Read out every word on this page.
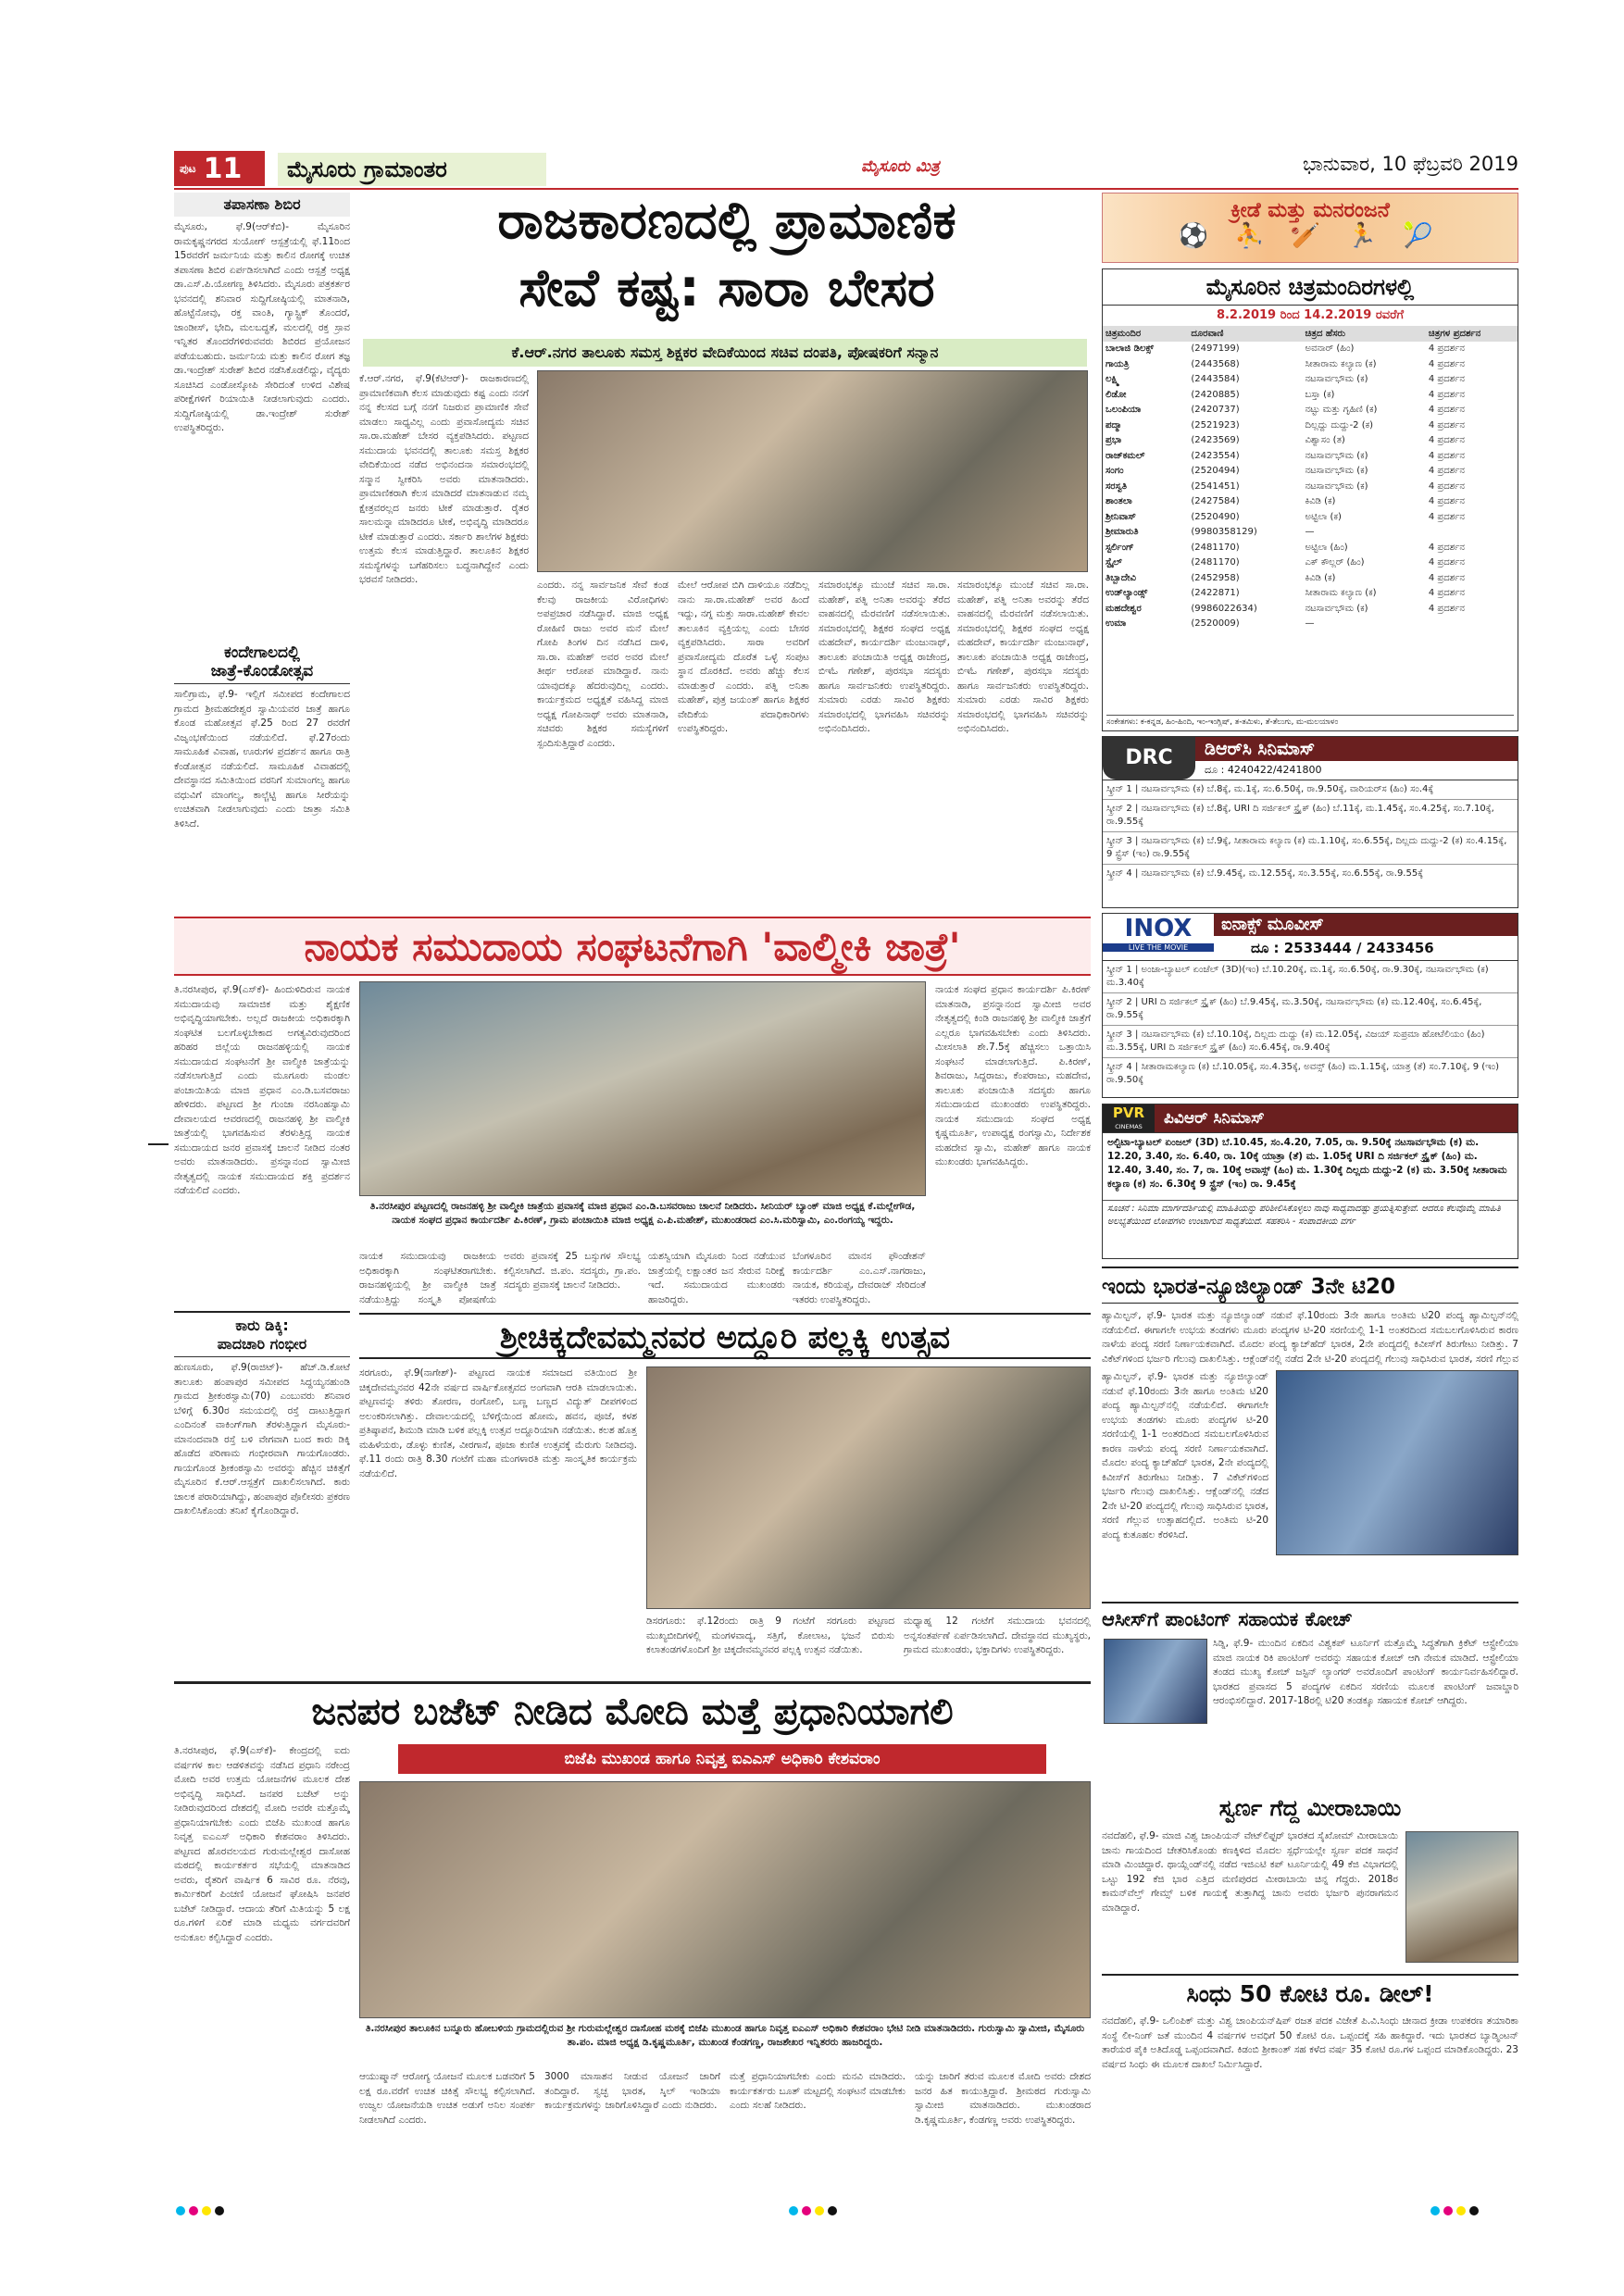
ಪುಟ 11	ಮೈಸೂರು ಗ್ರಾಮಾಂತರ	ಮೈಸೂರು ಮಿತ್ರ	ಭಾನುವಾರ, 10 ಫೆಬ್ರವರಿ 2019
ತಪಾಸಣಾ ಶಿಬಿರ
ಮೈಸೂರು, ಫೆ.9(ಆರ್‌ಕೆಬಿ)- ಮೈಸೂರಿನ ರಾಮಕೃಷ್ಣನಗರದ ಸುಯೋಗ್ ಆಸ್ಪತ್ರೆಯಲ್ಲಿ ಫೆ.11ರಿಂದ 15ರವರೆಗೆ ಜರ್ಮನಿಯ ಮತ್ತು ಕಾಲಿನ ರೋಗಕ್ಕೆ ಉಚಿತ ತಪಾಸಣಾ ಶಿಬಿರ ಏರ್ಪಡಿಸಲಾಗಿದೆ ಎಂದು ಆಸ್ಪತ್ರೆ ಅಧ್ಯಕ್ಷ ಡಾ.ಎಸ್.ಪಿ.ಯೋಗಣ್ಣ ತಿಳಿಸಿದರು. ಮೈಸೂರು ಪತ್ರಕರ್ತರ ಭವನದಲ್ಲಿ ಶನಿವಾರ ಸುದ್ದಿಗೋಷ್ಠಿಯಲ್ಲಿ ಮಾತನಾಡಿ, ಹೊಟ್ಟೆನೋವು, ರಕ್ತ ವಾಂತಿ, ಗ್ಯಾಸ್ಟ್ರಿಕ್ ತೊಂದರೆ, ಜಾಂಡೀಸ್, ಭೇದಿ, ಮಲಬದ್ಧತೆ, ಮಲದಲ್ಲಿ ರಕ್ತ ಸ್ರಾವ ಇನ್ನಿತರ ತೊಂದರೆಗಳಿರುವವರು ಶಿಬಿರದ ಪ್ರಯೋಜನ ಪಡೆಯಬಹುದು. ಜರ್ಮನಿಯ ಮತ್ತು ಕಾಲಿನ ರೋಗ ತಜ್ಞ ಡಾ.ಇಂದ್ರೇಶ್ ಸುರೇಶ್ ಶಿಬಿರ ನಡೆಸಿಕೊಡಲಿದ್ದು, ವೈದ್ಯರು ಸೂಚಿಸಿದ ಎಂಡೋಸ್ಕೋಪಿ ಸೇರಿದಂತೆ ಉಳಿದ ವಿಶೇಷ ಪರೀಕ್ಷೆಗಳಿಗೆ ರಿಯಾಯಿತಿ ನೀಡಲಾಗುವುದು ಎಂದರು. ಸುದ್ದಿಗೋಷ್ಠಿಯಲ್ಲಿ ಡಾ.ಇಂದ್ರೇಶ್ ಸುರೇಶ್ ಉಪಸ್ಥಿತರಿದ್ದರು.
ಕಂದೇಗಾಲದಲ್ಲಿ
ಜಾತ್ರೆ-ಕೊಂಡೋತ್ಸವ
ಸಾಲಿಗ್ರಾಮ, ಫೆ.9- ಇಲ್ಲಿಗೆ ಸಮೀಪದ ಕಂದೇಗಾಲದ ಗ್ರಾಮದ ಶ್ರೀಮಹದೇಶ್ವರ ಸ್ವಾಮಿಯವರ ಜಾತ್ರೆ ಹಾಗೂ ಕೊಂಡ ಮಹೋತ್ಸವ ಫೆ.25 ರಿಂದ 27 ರವರೆಗೆ ವಿಜೃಂಭಣೆಯಿಂದ ನಡೆಯಲಿದೆ. ಫೆ.27ರಂದು ಸಾಮೂಹಿಕ ವಿವಾಹ, ಊರುಗಳ ಪ್ರದರ್ಶನ ಹಾಗೂ ರಾತ್ರಿ ಕೆಂಡೋತ್ಸವ ನಡೆಯಲಿದೆ. ಸಾಮೂಹಿಕ ವಿವಾಹದಲ್ಲಿ ದೇವಸ್ಥಾನದ ಸಮಿತಿಯಿಂದ ವರನಿಗೆ ಸುಮಾಂಗಲ್ಯ ಹಾಗೂ ವಧುವಿಗೆ ಮಾಂಗಲ್ಯ, ಕಾಲ್ಚೆಟ್ಟಿ ಹಾಗೂ ಸೀರೆಯನ್ನು ಉಚಿತವಾಗಿ ನೀಡಲಾಗುವುದು ಎಂದು ಜಾತ್ರಾ ಸಮಿತಿ ತಿಳಿಸಿದೆ.
ರಾಜಕಾರಣದಲ್ಲಿ ಪ್ರಾಮಾಣಿಕ
ಸೇವೆ ಕಷ್ಟ: ಸಾರಾ ಬೇಸರ
ಕೆ.ಆರ್.ನಗರ ತಾಲೂಕು ಸಮಸ್ತ ಶಿಕ್ಷಕರ ವೇದಿಕೆಯಿಂದ ಸಚಿವ ದಂಪತಿ, ಪೋಷಕರಿಗೆ ಸನ್ಮಾನ
ಕೆ.ಆರ್.ನಗರ, ಫೆ.9(ಕೆಟಿಆರ್)- ರಾಜಕಾರಣದಲ್ಲಿ ಪ್ರಾಮಾಣಿಕವಾಗಿ ಕೆಲಸ ಮಾಡುವುದು ಕಷ್ಟ ಎಂದು ನನಗೆ ನನ್ನ ಕೆಲಸದ ಬಗ್ಗೆ ನನಗೆ ನಿಜರುವ ಪ್ರಾಮಾಣಿಕ ಸೇವೆ ಮಾಡಲು ಸಾಧ್ಯವಿಲ್ಲ ಎಂದು ಪ್ರವಾಸೋದ್ಯಮ ಸಚಿವ ಸಾ.ರಾ.ಮಹೇಶ್ ಬೇಸರ ವ್ಯಕ್ತಪಡಿಸಿದರು. ಪಟ್ಟಣದ ಸಮುದಾಯ ಭವನದಲ್ಲಿ ತಾಲೂಕು ಸಮಸ್ತ ಶಿಕ್ಷಕರ ವೇದಿಕೆಯಿಂದ ನಡೆದ ಅಭಿನಂದನಾ ಸಮಾರಂಭದಲ್ಲಿ ಸನ್ಮಾನ ಸ್ವೀಕರಿಸಿ ಅವರು ಮಾತನಾಡಿದರು. ಪ್ರಾಮಾಣಿಕರಾಗಿ ಕೆಲಸ ಮಾಡಿದರೆ ಮಾತನಾಡುವ ನಮ್ಮ ಕ್ಷೇತ್ರವರಲ್ಲದ ಜನರು ಟೀಕೆ ಮಾಡುತ್ತಾರೆ. ರೈತರ ಸಾಲಮನ್ನಾ ಮಾಡಿದರೂ ಟೀಕೆ, ಅಭಿವೃದ್ಧಿ ಮಾಡಿದರೂ ಟೀಕೆ ಮಾಡುತ್ತಾರೆ ಎಂದರು. ಸರ್ಕಾರಿ ಶಾಲೆಗಳ ಶಿಕ್ಷಕರು ಉತ್ತಮ ಕೆಲಸ ಮಾಡುತ್ತಿದ್ದಾರೆ. ತಾಲೂಕಿನ ಶಿಕ್ಷಕರ ಸಮಸ್ಯೆಗಳನ್ನು ಬಗೆಹರಿಸಲು ಬದ್ಧನಾಗಿದ್ದೇನೆ ಎಂದು ಭರವಸೆ ನೀಡಿದರು.	ಎಂದರು. ನನ್ನ ಸಾರ್ವಜನಿಕ ಸೇವೆ ಕಂಡ ಕೆಲವು ರಾಜಕೀಯ ವಿರೋಧಿಗಳು ಅಪಪ್ರಚಾರ ನಡೆಸಿದ್ದಾರೆ. ಮಾಜಿ ಅಧ್ಯಕ್ಷ ರೋಹಿಣಿ ರಾಜು ಅವರ ಮನೆ ಮೇಲೆ ಗೋಪಿ ತಿಂಗಳ ದಿನ ನಡೆಸಿದ ದಾಳಿ, ಸಾ.ರಾ. ಮಹೇಶ್ ಅವರ ಅವರ ಮೇಲೆ ತೀರ್ಥ ಆರೋಪ ಮಾಡಿದ್ದಾರೆ. ನಾನು ಯಾವುದಕ್ಕೂ ಹೆದರುವುದಿಲ್ಲ ಎಂದರು. ಕಾರ್ಯಕ್ರಮದ ಅಧ್ಯಕ್ಷತೆ ವಹಿಸಿದ್ದ ಮಾಜಿ ಅಧ್ಯಕ್ಷ ಗೋಪಿನಾಥ್ ಅವರು ಮಾತನಾಡಿ, ಸಚಿವರು ಶಿಕ್ಷಕರ ಸಮಸ್ಯೆಗಳಿಗೆ ಸ್ಪಂದಿಸುತ್ತಿದ್ದಾರೆ ಎಂದರು.
ಮೇಲೆ ಆರೋಪ ಬಿಗಿ ದಾಳಿಯೂ ನಡೆದಿಲ್ಲ ನಾನು ಸಾ.ರಾ.ಮಹೇಶ್ ಅವರ ಹಿಂದೆ ಇದ್ದು, ನಗ್ನ ಮತ್ತು ಸಾರಾ.ಮಹೇಶ್ ಕೇವಲ ತಾಲೂಕಿನ ವ್ಯಕ್ತಿಯಲ್ಲ ಎಂದು ಬೇಸರ ವ್ಯಕ್ತಪಡಿಸಿದರು. ಸಾರಾ ಅವರಿಗೆ ಪ್ರವಾಸೋದ್ಯಮ ದೊರೆತ ಒಳ್ಳೆ ಸಂಪುಟ ಸ್ಥಾನ ದೊರಕಿದೆ. ಅವರು ಹೆಚ್ಚು ಕೆಲಸ ಮಾಡುತ್ತಾರೆ ಎಂದರು. ಪತ್ನಿ ಅನಿತಾ ಮಹೇಶ್, ಪುತ್ರ ಜಯಂತ್ ಹಾಗೂ ಶಿಕ್ಷಕರ ವೇದಿಕೆಯ ಪದಾಧಿಕಾರಿಗಳು ಉಪಸ್ಥಿತರಿದ್ದರು.
ಸಮಾರಂಭಕ್ಕೂ ಮುಂಚೆ ಸಚಿವ ಸಾ.ರಾ. ಮಹೇಶ್, ಪತ್ನಿ ಅನಿತಾ ಅವರನ್ನು ತೆರೆದ ವಾಹನದಲ್ಲಿ ಮೆರವಣಿಗೆ ನಡೆಸಲಾಯಿತು. ಸಮಾರಂಭದಲ್ಲಿ ಶಿಕ್ಷಕರ ಸಂಘದ ಅಧ್ಯಕ್ಷ ಮಹದೇವ್, ಕಾರ್ಯದರ್ಶಿ ಮಂಜುನಾಥ್, ತಾಲೂಕು ಪಂಚಾಯಿತಿ ಅಧ್ಯಕ್ಷ ರಾಜೇಂದ್ರ, ಬಿಇಓ ಗಣೇಶ್, ಪುರಸಭಾ ಸದಸ್ಯರು ಹಾಗೂ ಸಾರ್ವಜನಿಕರು ಉಪಸ್ಥಿತರಿದ್ದರು. ಸುಮಾರು ಎರಡು ಸಾವಿರ ಶಿಕ್ಷಕರು ಸಮಾರಂಭದಲ್ಲಿ ಭಾಗವಹಿಸಿ ಸಚಿವರನ್ನು ಅಭಿನಂದಿಸಿದರು.
ಸಮಾರಂಭಕ್ಕೂ ಮುಂಚೆ ಸಚಿವ ಸಾ.ರಾ. ಮಹೇಶ್, ಪತ್ನಿ ಅನಿತಾ ಅವರನ್ನು ತೆರೆದ ವಾಹನದಲ್ಲಿ ಮೆರವಣಿಗೆ ನಡೆಸಲಾಯಿತು. ಸಮಾರಂಭದಲ್ಲಿ ಶಿಕ್ಷಕರ ಸಂಘದ ಅಧ್ಯಕ್ಷ ಮಹದೇವ್, ಕಾರ್ಯದರ್ಶಿ ಮಂಜುನಾಥ್, ತಾಲೂಕು ಪಂಚಾಯಿತಿ ಅಧ್ಯಕ್ಷ ರಾಜೇಂದ್ರ, ಬಿಇಓ ಗಣೇಶ್, ಪುರಸಭಾ ಸದಸ್ಯರು ಹಾಗೂ ಸಾರ್ವಜನಿಕರು ಉಪಸ್ಥಿತರಿದ್ದರು. ಸುಮಾರು ಎರಡು ಸಾವಿರ ಶಿಕ್ಷಕರು ಸಮಾರಂಭದಲ್ಲಿ ಭಾಗವಹಿಸಿ ಸಚಿವರನ್ನು ಅಭಿನಂದಿಸಿದರು.
ಕ್ರೀಡೆ ಮತ್ತು ಮನರಂಜನೆ
⚽ ⛹ 🏏 🏃 🎾
ಮೈಸೂರಿನ ಚಿತ್ರಮಂದಿರಗಳಲ್ಲಿ
8.2.2019 ರಿಂದ 14.2.2019 ರವರೆಗೆ
ಚಿತ್ರಮಂದಿರ	ದೂರವಾಣಿ	ಚಿತ್ರದ ಹೆಸರು	ಚಿತ್ರಗಳ ಪ್ರದರ್ಶನ
ಬಾಲಾಜಿ ಡಿಲಕ್ಸ್	(2497199)	ಅವನಾರ್ (ಹಿಂ)	4 ಪ್ರದರ್ಶನ
ಗಾಯತ್ರಿ	(2443568)	ಸೀತಾರಾಮ ಕಲ್ಯಾಣ (ಕ)	4 ಪ್ರದರ್ಶನ
ಲಕ್ಷ್ಮಿ	(2443584)	ನಟಸಾರ್ವಭೌಮ (ಕ)	4 ಪ್ರದರ್ಶನ
ಲಿಡೋ	(2420885)	ಬಸ್ತಾ (ಕ)	4 ಪ್ರದರ್ಶನ
ಒಲಂಪಿಯಾ	(2420737)	ನಟ್ಟು ಮತ್ತು ಗೃಹಿಣಿ (ಕ)	4 ಪ್ರದರ್ಶನ
ಪದ್ಮಾ	(2521923)	ದಿಲ್ಲದ್ದು ದುದ್ದು-2 (ಕ)	4 ಪ್ರದರ್ಶನ
ಪ್ರಭಾ	(2423569)	ವಿಶ್ವಾಸಂ (ತ)	4 ಪ್ರದರ್ಶನ
ರಾಜ್‌ಕಮಲ್	(2423554)	ನಟಸಾರ್ವಭೌಮ (ಕ)	4 ಪ್ರದರ್ಶನ
ಸಂಗಂ	(2520494)	ನಟಸಾರ್ವಭೌಮ (ಕ)	4 ಪ್ರದರ್ಶನ
ಸರಸ್ವತಿ	(2541451)	ನಟಸಾರ್ವಭೌಮ (ಕ)	4 ಪ್ರದರ್ಶನ
ಶಾಂತಲಾ	(2427584)	ಕಿವಿಡಿ (ಕ)	4 ಪ್ರದರ್ಶನ
ಶ್ರೀನಿವಾಸ್	(2520490)	ಅಟ್ಟಿಲಾ (ಕ)	4 ಪ್ರದರ್ಶನ
ಶ್ರೀಮಾರುತಿ	(9980358129)	—	
ಸ್ಟರ್ಲಿಂಗ್	(2481170)	ಅಟ್ಟಿಲಾ (ಹಿಂ)	4 ಪ್ರದರ್ಶನ
ಸ್ಟೈಲ್	(2481170)	ಎಕ್ ಕೌಲ್ಲರ್ (ಹಿಂ)	4 ಪ್ರದರ್ಶನ
ತಿಬ್ಬಾದೇವಿ	(2452958)	ಕಿವಿಡಿ (ಕ)	4 ಪ್ರದರ್ಶನ
ಉಡ್‌ಲ್ಯಾಂಡ್ಸ್	(2422871)	ಸೀತಾರಾಮ ಕಲ್ಯಾಣ (ಕ)	4 ಪ್ರದರ್ಶನ
ಮಹದೇಶ್ವರ	(9986022634)	ನಟಸಾರ್ವಭೌಮ (ಕ)	4 ಪ್ರದರ್ಶನ
ಉಮಾ	(2520009)	—	
ಸಂಕೇತಗಳು: ಕ-ಕನ್ನಡ, ಹಿಂ-ಹಿಂದಿ, ಇಂ-ಇಂಗ್ಲಿಷ್, ತ-ತಮಿಳು, ತೆ-ತೆಲುಗು, ಮ-ಮಲಯಾಳಂ
DRC	ಡಿಆರ್‌ಸಿ ಸಿನಿಮಾಸ್
ದೂ : 4240422/4241800
ಸ್ಕ್ರೀನ್ 1 | ನಟಸಾರ್ವಭೌಮ (ಕ) ಬೆ.8ಕ್ಕೆ, ಮ.1ಕ್ಕೆ, ಸಂ.6.50ಕ್ಕೆ, ರಾ.9.50ಕ್ಕೆ, ವಾರಿಯರ್‌ಸ (ಹಿಂ) ಸಂ.4ಕ್ಕೆ
ಸ್ಕ್ರೀನ್ 2 | ನಟಸಾರ್ವಭೌಮ (ಕ) ಬೆ.8ಕ್ಕೆ, URI ದಿ ಸರ್ಜಿಕಲ್ ಸ್ಟ್ರೈಕ್ (ಹಿಂ) ಬೆ.11ಕ್ಕೆ, ಮ.1.45ಕ್ಕೆ, ಸಂ.4.25ಕ್ಕೆ, ಸಂ.7.10ಕ್ಕೆ, ರಾ.9.55ಕ್ಕೆ
ಸ್ಕ್ರೀನ್ 3 | ನಟಸಾರ್ವಭೌಮ (ಕ) ಬೆ.9ಕ್ಕೆ, ಸೀತಾರಾಮ ಕಲ್ಯಾಣ (ಕ) ಮ.1.10ಕ್ಕೆ, ಸಂ.6.55ಕ್ಕೆ, ದಿಲ್ಲದು ದುದ್ದು-2 (ಕ) ಸಂ.4.15ಕ್ಕೆ, 9 ಸ್ಟ್ರೆಸ್ (ಇಂ) ರಾ.9.55ಕ್ಕೆ
ಸ್ಕ್ರೀನ್ 4 | ನಟಸಾರ್ವಭೌಮ (ಕ) ಬೆ.9.45ಕ್ಕೆ, ಮ.12.55ಕ್ಕೆ, ಸಂ.3.55ಕ್ಕೆ, ಸಂ.6.55ಕ್ಕೆ, ರಾ.9.55ಕ್ಕೆ
INOX
LIVE THE MOVIE
ಐನಾಕ್ಸ್ ಮೂವೀಸ್
ದೂ : 2533444 / 2433456
ಸ್ಕ್ರೀನ್ 1 | ಅಂಜಾ-ಬ್ಯಾಟಲ್ ಏಂಜೆಲ್ (3D)(ಇಂ) ಬೆ.10.20ಕ್ಕೆ, ಮ.1ಕ್ಕೆ, ಸಂ.6.50ಕ್ಕೆ, ರಾ.9.30ಕ್ಕೆ, ನಟಸಾರ್ವಭೌಮ (ಕ) ಮ.3.40ಕ್ಕೆ
ಸ್ಕ್ರೀನ್ 2 | URI ದಿ ಸರ್ಜಿಕಲ್ ಸ್ಟ್ರೈಕ್ (ಹಿಂ) ಬೆ.9.45ಕ್ಕೆ, ಮ.3.50ಕ್ಕೆ, ನಟಸಾರ್ವಭೌಮ (ಕ) ಮ.12.40ಕ್ಕೆ, ಸಂ.6.45ಕ್ಕೆ, ರಾ.9.55ಕ್ಕೆ
ಸ್ಕ್ರೀನ್ 3 | ನಟಸಾರ್ವಭೌಮ (ಕ) ಬೆ.10.10ಕ್ಕೆ, ದಿಲ್ಲದು ದುದ್ದು (ಕ) ಮ.12.05ಕ್ಕೆ, ವಿಜಯ್ ಸುಪ್ರಮಾ ಹೋಟೆಲಿಯಂ (ಹಿಂ) ಮ.3.55ಕ್ಕೆ, URI ದಿ ಸರ್ಜಿಕಲ್ ಸ್ಟ್ರೈಕ್ (ಹಿಂ) ಸಂ.6.45ಕ್ಕೆ, ರಾ.9.40ಕ್ಕೆ
ಸ್ಕ್ರೀನ್ 4 | ಸೀತಾರಾಮಕಲ್ಯಾಣ (ಕ) ಬೆ.10.05ಕ್ಕೆ, ಸಂ.4.35ಕ್ಕೆ, ಅವನ್ಸ್ (ಹಿಂ) ಮ.1.15ಕ್ಕೆ, ಯಾತ್ರ (ತೆ) ಸಂ.7.10ಕ್ಕೆ, 9 (ಇಂ) ರಾ.9.50ಕ್ಕೆ
PVR
CINEMAS	ಪಿವಿಆರ್ ಸಿನಿಮಾಸ್
ಅಲ್ಟಿಟಾ-ಬ್ಯಾಟಲ್ ಏಂಜಲ್ (3D) ಬೆ.10.45, ಸಂ.4.20, 7.05, ರಾ. 9.50ಕ್ಕೆ ನಟಸಾರ್ವಭೌಮ (ಕ) ಮ. 12.20, 3.40, ಸಂ. 6.40, ರಾ. 10ಕ್ಕೆ ಯಾತ್ರಾ (ತೆ) ಮ. 1.05ಕ್ಕೆ URI ದಿ ಸರ್ಜಿಕಲ್ ಸ್ಟ್ರೈಕ್ (ಹಿಂ) ಮ. 12.40, 3.40, ಸಂ. 7, ರಾ. 10ಕ್ಕೆ ಅವಾಸ್ಸ್ (ಹಿಂ) ಮ. 1.30ಕ್ಕೆ ದಿಲ್ಲದು ದುದ್ದು-2 (ಕ) ಮ. 3.50ಕ್ಕೆ ಸೀತಾರಾಮ ಕಲ್ಯಾಣ (ಕ) ಸಂ. 6.30ಕ್ಕೆ 9 ಸ್ಟ್ರೆಸ್ (ಇಂ) ರಾ. 9.45ಕ್ಕೆ
ಸೂಚನೆ : ಸಿನಿಮಾ ಮಾರ್ಗದರ್ಶಿಯಲ್ಲಿ ಮಾಹಿತಿಯನ್ನು ಪರಿಶೀಲಿಸಿಕೊಳ್ಳಲು ನಾವು ಸಾಧ್ಯವಾದಷ್ಟು ಪ್ರಯತ್ನಿಸುತ್ತೇವೆ. ಆದರೂ ಕೆಲವೊಮ್ಮೆ ಮಾಹಿತಿ ಅಲಭ್ಯತೆಯಿಂದ ಲೋಪಗಳು ಉಂಟಾಗುವ ಸಾಧ್ಯತೆಯಿದೆ. ಸಹಕರಿಸಿ - ಸಂಪಾದಕೀಯ ವರ್ಗ
ನಾಯಕ ಸಮುದಾಯ ಸಂಘಟನೆಗಾಗಿ 'ವಾಲ್ಮೀಕಿ ಜಾತ್ರೆ'
ತಿ.ನರಸೀಪುರ, ಫೆ.9(ಎಸ್‌ಕೆ)- ಹಿಂದುಳಿದಿರುವ ನಾಯಕ ಸಮುದಾಯವು ಸಾಮಾಜಿಕ ಮತ್ತು ಶೈಕ್ಷಣಿಕ ಅಭಿವೃದ್ಧಿಯಾಗಬೇಕು. ಅಲ್ಲದೆ ರಾಜಕೀಯ ಅಧಿಕಾರಕ್ಕಾಗಿ ಸಂಘಟಿತ ಬಲಗೊಳ್ಳಬೇಕಾದ ಅಗತ್ಯವಿರುವುದರಿಂದ ಹರಿಹರ ಜಿಲ್ಲೆಯ ರಾಜನಹಳ್ಳಿಯಲ್ಲಿ ನಾಯಕ ಸಮುದಾಯದ ಸಂಘಟನೆಗೆ ಶ್ರೀ ವಾಲ್ಮೀಕಿ ಜಾತ್ರೆಯನ್ನು ನಡೆಸಲಾಗುತ್ತಿದೆ ಎಂದು ಮೂಗೂರು ಮಂಡಲ ಪಂಚಾಯಿತಿಯ ಮಾಜಿ ಪ್ರಧಾನ ಎಂ.ಡಿ.ಬಸವರಾಜು ಹೇಳಿದರು. ಪಟ್ಟಣದ ಶ್ರೀ ಗುಂಜಾ ನರಸಿಂಹಸ್ವಾಮಿ ದೇವಾಲಯದ ಆವರಣದಲ್ಲಿ ರಾಜನಹಳ್ಳಿ ಶ್ರೀ ವಾಲ್ಮೀಕಿ ಜಾತ್ರೆಯಲ್ಲಿ ಭಾಗವಹಿಸುವ ತೆರಳುತ್ತಿದ್ದ ನಾಯಕ ಸಮುದಾಯದ ಜನರ ಪ್ರವಾಸಕ್ಕೆ ಚಾಲನೆ ನೀಡಿದ ನಂತರ ಅವರು ಮಾತನಾಡಿದರು. ಪ್ರಸನ್ನಾನಂದ ಸ್ವಾಮೀಜಿ ನೇತೃತ್ವದಲ್ಲಿ ನಾಯಕ ಸಮುದಾಯದ ಶಕ್ತಿ ಪ್ರದರ್ಶನ ನಡೆಯಲಿದೆ ಎಂದರು.
ತಿ.ನರಸೀಪುರ ಪಟ್ಟಣದಲ್ಲಿ ರಾಜನಹಳ್ಳಿ ಶ್ರೀ ವಾಲ್ಮೀಕಿ ಜಾತ್ರೆಯ ಪ್ರವಾಸಕ್ಕೆ ಮಾಜಿ ಪ್ರಧಾನ ಎಂ.ಡಿ.ಬಸವರಾಜು ಚಾಲನೆ ನೀಡಿದರು. ಸೀನಿಯರ್ ಬ್ಯಾಂಕ್ ಮಾಜಿ ಅಧ್ಯಕ್ಷ ಕೆ.ಮಲ್ಲೇಗೌಡ, ನಾಯಕ ಸಂಘದ ಪ್ರಧಾನ ಕಾರ್ಯದರ್ಶಿ ಪಿ.ಕಿರಣ್, ಗ್ರಾಮ ಪಂಚಾಯಿತಿ ಮಾಜಿ ಅಧ್ಯಕ್ಷ ಎ.ಪಿ.ಮಹೇಶ್, ಮುಖಂಡರಾದ ಎಂ.ಸಿ.ಮರಿಸ್ವಾಮಿ, ಎಂ.ರಂಗಯ್ಯ ಇದ್ದರು.
ನಾಯಕ ಸಂಘದ ಪ್ರಧಾನ ಕಾರ್ಯದರ್ಶಿ ಪಿ.ಕಿರಣ್ ಮಾತನಾಡಿ, ಪ್ರಸನ್ನಾನಂದ ಸ್ವಾಮೀಜಿ ಅವರ ನೇತೃತ್ವದಲ್ಲಿ ಕಿಂಡಿ ರಾಜನಹಳ್ಳಿ ಶ್ರೀ ವಾಲ್ಮೀಕಿ ಜಾತ್ರೆಗೆ ಎಲ್ಲರೂ ಭಾಗವಹಿಸಬೇಕು ಎಂದು ತಿಳಿಸಿದರು. ಮೀಸಲಾತಿ ಶೇ.7.5ಕ್ಕೆ ಹೆಚ್ಚಿಸಲು ಒತ್ತಾಯಿಸಿ ಸಂಘಟನೆ ಮಾಡಲಾಗುತ್ತಿದೆ. ಪಿ.ಕಿರಣ್, ಶಿವರಾಜು, ಸಿದ್ದರಾಜು, ಕೆಂಪರಾಜು, ಮಹದೇವ, ತಾಲೂಕು ಪಂಚಾಯಿತಿ ಸದಸ್ಯರು ಹಾಗೂ ಸಮುದಾಯದ ಮುಖಂಡರು ಉಪಸ್ಥಿತರಿದ್ದರು. ನಾಯಕ ಸಮುದಾಯ ಸಂಘದ ಅಧ್ಯಕ್ಷ ಕೃಷ್ಣಮೂರ್ತಿ, ಉಪಾಧ್ಯಕ್ಷ ರಂಗಸ್ವಾಮಿ, ನಿರ್ದೇಶಕ ಮಹದೇವ ಸ್ವಾಮಿ, ಮಹೇಶ್ ಹಾಗೂ ನಾಯಕ ಮುಖಂಡರು ಭಾಗವಹಿಸಿದ್ದರು.
ನಾಯಕ ಸಮುದಾಯವು ರಾಜಕೀಯ ಅಧಿಕಾರಕ್ಕಾಗಿ ಸಂಘಟಿತರಾಗಬೇಕು. ರಾಜನಹಳ್ಳಿಯಲ್ಲಿ ಶ್ರೀ ವಾಲ್ಮೀಕಿ ಜಾತ್ರೆ ನಡೆಯುತ್ತಿದ್ದು ಸಂಸ್ಕೃತಿ ಪೋಷಣೆಯ
ಅವರು ಪ್ರವಾಸಕ್ಕೆ 25 ಬಸ್ಸುಗಳ ಸೌಲಭ್ಯ ಕಲ್ಪಿಸಲಾಗಿದೆ. ಜಿ.ಪಂ. ಸದಸ್ಯರು, ಗ್ರಾ.ಪಂ. ಸದಸ್ಯರು ಪ್ರವಾಸಕ್ಕೆ ಚಾಲನೆ ನೀಡಿದರು.
ಯಶಸ್ವಿಯಾಗಿ ಮೈಸೂರು ನಿಂದ ನಡೆಯುವ ಜಾತ್ರೆಯಲ್ಲಿ ಲಕ್ಷಾಂತರ ಜನ ಸೇರುವ ನಿರೀಕ್ಷೆ ಇದೆ. ಸಮುದಾಯದ ಮುಖಂಡರು ಹಾಜರಿದ್ದರು.
ಬೆಂಗಳೂರಿನ ಮಾನಸ ಫೌಂಡೇಶನ್ ಕಾರ್ಯದರ್ಶಿ ಎಂ.ಎಸ್.ನಾಗರಾಜು, ನಾಯಕ, ಕರಿಯಪ್ಪ, ದೇವರಾಜ್ ಸೇರಿದಂತೆ ಇತರರು ಉಪಸ್ಥಿತರಿದ್ದರು.
ಕಾರು ಡಿಕ್ಕಿ:
ಪಾದಚಾರಿ ಗಂಭೀರ
ಹುಣಸೂರು, ಫೆ.9(ರಾಜಿಟ್)- ಹೆಚ್.ಡಿ.ಕೋಟೆ ತಾಲೂಕು ಹಂಪಾಪುರ ಸಮೀಪದ ಸಿದ್ದಯ್ಯನಹುಂಡಿ ಗ್ರಾಮದ ಶ್ರೀಕಂಠಸ್ವಾಮಿ(70) ಎಂಬುವರು ಶನಿವಾರ ಬೆಳಿಗ್ಗೆ 6.30ರ ಸಮಯದಲ್ಲಿ ರಸ್ತೆ ದಾಟುತ್ತಿದ್ದಾಗ ಎಂದಿನಂತೆ ವಾಕಿಂಗ್‌ಗಾಗಿ ತೆರಳುತ್ತಿದ್ದಾಗ ಮೈಸೂರು-ಮಾನಂದವಾಡಿ ರಸ್ತೆ ಬಳಿ ವೇಗವಾಗಿ ಬಂದ ಕಾರು ಡಿಕ್ಕಿ ಹೊಡೆದ ಪರಿಣಾಮ ಗಂಭೀರವಾಗಿ ಗಾಯಗೊಂಡರು. ಗಾಯಗೊಂಡ ಶ್ರೀಕಂಠಸ್ವಾಮಿ ಅವರನ್ನು ಹೆಚ್ಚಿನ ಚಿಕಿತ್ಸೆಗೆ ಮೈಸೂರಿನ ಕೆ.ಆರ್.ಆಸ್ಪತ್ರೆಗೆ ದಾಖಲಿಸಲಾಗಿದೆ. ಕಾರು ಚಾಲಕ ಪರಾರಿಯಾಗಿದ್ದು, ಹಂಪಾಪುರ ಪೊಲೀಸರು ಪ್ರಕರಣ ದಾಖಲಿಸಿಕೊಂಡು ತನಿಖೆ ಕೈಗೊಂಡಿದ್ದಾರೆ.
ಶ್ರೀಚಿಕ್ಕದೇವಮ್ಮನವರ ಅದ್ದೂರಿ ಪಲ್ಲಕ್ಕಿ ಉತ್ಸವ
ಸರಗೂರು, ಫೆ.9(ನಾಗೇಶ್)- ಪಟ್ಟಣದ ನಾಯಕ ಸಮಾಜದ ವತಿಯಿಂದ ಶ್ರೀ ಚಿಕ್ಕದೇವಮ್ಮನವರ 42ನೇ ವರ್ಷದ ವಾರ್ಷಿಕೋತ್ಸವದ ಅಂಗವಾಗಿ ಆರತಿ ಮಾಡಲಾಯಿತು. ಪಟ್ಟಣವನ್ನು ತಳಿರು ತೋರಣ, ರಂಗೋಲಿ, ಬಣ್ಣ ಬಣ್ಣದ ವಿದ್ಯುತ್ ದೀಪಗಳಿಂದ ಅಲಂಕರಿಸಲಾಗಿತ್ತು. ದೇವಾಲಯದಲ್ಲಿ ಬೆಳಿಗ್ಗೆಯಿಂದ ಹೋಮ, ಹವನ, ಪೂಜೆ, ಕಳಶ ಪ್ರತಿಷ್ಠಾಪನೆ, ಶಿಮುಡಿ ಮಾಡಿ ಬಳಿಕ ಪಲ್ಲಕ್ಕಿ ಉತ್ಸವ ಅದ್ದೂರಿಯಾಗಿ ನಡೆಯಿತು. ಕಲಶ ಹೊತ್ತ ಮಹಿಳೆಯರು, ಡೊಳ್ಳು ಕುಣಿತ, ವೀರಗಾಸೆ, ಪೂಜಾ ಕುಣಿತ ಉತ್ಸವಕ್ಕೆ ಮೆರುಗು ನೀಡಿದವು. ಫೆ.11 ರಂದು ರಾತ್ರಿ 8.30 ಗಂಟೆಗೆ ಮಹಾ ಮಂಗಳಾರತಿ ಮತ್ತು ಸಾಂಸ್ಕೃತಿಕ ಕಾರ್ಯಕ್ರಮ ನಡೆಯಲಿದೆ.
ಡಿಸರಗೂರು: ಫೆ.12ರಂದು ರಾತ್ರಿ 9 ಗಂಟೆಗೆ ಸರಗೂರು ಪಟ್ಟಣದ ಮುಖ್ಯಬೀದಿಗಳಲ್ಲಿ ಮಂಗಳವಾದ್ಯ, ಸತ್ತಿಗೆ, ಕೋಲಾಟ, ಭಜನೆ ಬಿರುಸು ಕಲಾತಂಡಗಳೊಂದಿಗೆ ಶ್ರೀ ಚಿಕ್ಕದೇವಮ್ಮನವರ ಪಲ್ಲಕ್ಕಿ ಉತ್ಸವ ನಡೆಯಿತು.
ಮಧ್ಯಾಹ್ನ 12 ಗಂಟೆಗೆ ಸಮುದಾಯ ಭವನದಲ್ಲಿ ಅನ್ನಸಂತರ್ಪಣೆ ಏರ್ಪಡಿಸಲಾಗಿದೆ. ದೇವಸ್ಥಾನದ ಮುಖ್ಯಸ್ಥರು, ಗ್ರಾಮದ ಮುಖಂಡರು, ಭಕ್ತಾದಿಗಳು ಉಪಸ್ಥಿತರಿದ್ದರು.
ಇಂದು ಭಾರತ-ನ್ಯೂಜಿಲ್ಯಾಂಡ್ 3ನೇ ಟಿ20
ಹ್ಯಾಮಿಲ್ಟನ್, ಫೆ.9- ಭಾರತ ಮತ್ತು ನ್ಯೂಜಿಲ್ಯಾಂಡ್ ನಡುವೆ ಫೆ.10ರಂದು 3ನೇ ಹಾಗೂ ಅಂತಿಮ ಟಿ20 ಪಂದ್ಯ ಹ್ಯಾಮಿಲ್ಟನ್‌ನಲ್ಲಿ ನಡೆಯಲಿದೆ. ಈಗಾಗಲೇ ಉಭಯ ತಂಡಗಳು ಮೂರು ಪಂದ್ಯಗಳ ಟಿ-20 ಸರಣಿಯಲ್ಲಿ 1-1 ಅಂತರದಿಂದ ಸಮಬಲಗೊಳಿಸಿರುವ ಕಾರಣ ನಾಳೆಯ ಪಂದ್ಯ ಸರಣಿ ನಿರ್ಣಾಯಕವಾಗಿದೆ. ಮೊದಲ ಪಂದ್ಯ ಕ್ಯಾಚ್‌ಹೆದ್ ಭಾರತ, 2ನೇ ಪಂದ್ಯದಲ್ಲಿ ಕಿವೀಸ್‌ಗೆ ತಿರುಗೇಟು ನೀಡಿತ್ತು. 7 ವಿಕೆಟ್‌ಗಳಿಂದ ಭರ್ಜರಿ ಗೆಲುವು ದಾಖಲಿಸಿತ್ತು. ಆಕ್ಲೆಂಡ್‌ನಲ್ಲಿ ನಡೆದ 2ನೇ ಟಿ-20 ಪಂದ್ಯದಲ್ಲಿ ಗೆಲುವು ಸಾಧಿಸಿರುವ ಭಾರತ, ಸರಣಿ ಗೆಲ್ಲುವ
ಹ್ಯಾಮಿಲ್ಟನ್, ಫೆ.9- ಭಾರತ ಮತ್ತು ನ್ಯೂಜಿಲ್ಯಾಂಡ್ ನಡುವೆ ಫೆ.10ರಂದು 3ನೇ ಹಾಗೂ ಅಂತಿಮ ಟಿ20 ಪಂದ್ಯ ಹ್ಯಾಮಿಲ್ಟನ್‌ನಲ್ಲಿ ನಡೆಯಲಿದೆ. ಈಗಾಗಲೇ ಉಭಯ ತಂಡಗಳು ಮೂರು ಪಂದ್ಯಗಳ ಟಿ-20 ಸರಣಿಯಲ್ಲಿ 1-1 ಅಂತರದಿಂದ ಸಮಬಲಗೊಳಿಸಿರುವ ಕಾರಣ ನಾಳೆಯ ಪಂದ್ಯ ಸರಣಿ ನಿರ್ಣಾಯಕವಾಗಿದೆ. ಮೊದಲ ಪಂದ್ಯ ಕ್ಯಾಚ್‌ಹೆದ್ ಭಾರತ, 2ನೇ ಪಂದ್ಯದಲ್ಲಿ ಕಿವೀಸ್‌ಗೆ ತಿರುಗೇಟು ನೀಡಿತ್ತು. 7 ವಿಕೆಟ್‌ಗಳಿಂದ ಭರ್ಜರಿ ಗೆಲುವು ದಾಖಲಿಸಿತ್ತು. ಆಕ್ಲೆಂಡ್‌ನಲ್ಲಿ ನಡೆದ 2ನೇ ಟಿ-20 ಪಂದ್ಯದಲ್ಲಿ ಗೆಲುವು ಸಾಧಿಸಿರುವ ಭಾರತ, ಸರಣಿ ಗೆಲ್ಲುವ ಉತ್ಸಾಹದಲ್ಲಿದೆ. ಅಂತಿಮ ಟಿ-20 ಪಂದ್ಯ ಕುತೂಹಲ ಕೆರಳಿಸಿದೆ.
ಆಸೀಸ್‌ಗೆ ಪಾಂಟಿಂಗ್ ಸಹಾಯಕ ಕೋಚ್
ಸಿಡ್ನಿ, ಫೆ.9- ಮುಂದಿನ ಏಕದಿನ ವಿಶ್ವಕಪ್ ಟೂರ್ನಿಗೆ ಮತ್ತೊಮ್ಮೆ ಸಿದ್ಧತೆಗಾಗಿ ಕ್ರಿಕೆಟ್ ಆಸ್ಟ್ರೇಲಿಯಾ ಮಾಜಿ ನಾಯಕ ರಿಕಿ ಪಾಂಟಿಂಗ್ ಅವರನ್ನು ಸಹಾಯಕ ಕೋಚ್ ಆಗಿ ನೇಮಕ ಮಾಡಿದೆ. ಆಸ್ಟ್ರೇಲಿಯಾ ತಂಡದ ಮುಖ್ಯ ಕೋಚ್ ಜಸ್ಟಿನ್ ಲ್ಯಾಂಗರ್ ಅವರೊಂದಿಗೆ ಪಾಂಟಿಂಗ್ ಕಾರ್ಯನಿರ್ವಹಿಸಲಿದ್ದಾರೆ. ಭಾರತದ ಪ್ರವಾಸದ 5 ಪಂದ್ಯಗಳ ಏಕದಿನ ಸರಣಿಯ ಮೂಲಕ ಪಾಂಟಿಂಗ್ ಜವಾಬ್ದಾರಿ ಆರಂಭಿಸಲಿದ್ದಾರೆ. 2017-18ರಲ್ಲಿ ಟಿ20 ತಂಡಕ್ಕೂ ಸಹಾಯಕ ಕೋಚ್ ಆಗಿದ್ದರು.
ಸ್ವರ್ಣ ಗೆದ್ದ ಮೀರಾಬಾಯಿ
ನವದೆಹಲಿ, ಫೆ.9- ಮಾಜಿ ವಿಶ್ವ ಚಾಂಪಿಯನ್ ವೇಟ್‌ಲಿಫ್ಟರ್ ಭಾರತದ ಸೈಖೋಮ್ ಮೀರಾಬಾಯಿ ಚಾನು ಗಾಯದಿಂದ ಚೇತರಿಸಿಕೊಂಡು ಕಣಕ್ಕಿಳಿದ ಮೊದಲ ಸ್ಪರ್ಧೆಯಲ್ಲೇ ಸ್ವರ್ಣ ಪದಕ ಸಾಧನೆ ಮಾಡಿ ಮಿಂಚಿದ್ದಾರೆ. ಥಾಯ್ಲೆಂಡ್‌ನಲ್ಲಿ ನಡೆದ ಇಜಿಎಟಿ ಕಪ್ ಟೂರ್ನಿಯಲ್ಲಿ 49 ಕೆಜಿ ವಿಭಾಗದಲ್ಲಿ ಒಟ್ಟು 192 ಕೆಜಿ ಭಾರ ಎತ್ತಿದ ಮಣಿಪುರದ ಮೀರಾಬಾಯಿ ಚಿನ್ನ ಗೆದ್ದರು. 2018ರ ಕಾಮನ್‌ವೆಲ್ತ್ ಗೇಮ್ಸ್ ಬಳಿಕ ಗಾಯಕ್ಕೆ ತುತ್ತಾಗಿದ್ದ ಚಾನು ಅವರು ಭರ್ಜರಿ ಪುನರಾಗಮನ ಮಾಡಿದ್ದಾರೆ.
ಸಿಂಧು 50 ಕೋಟಿ ರೂ. ಡೀಲ್!
ನವದೆಹಲಿ, ಫೆ.9- ಒಲಿಂಪಿಕ್ ಮತ್ತು ವಿಶ್ವ ಚಾಂಪಿಯನ್‌ಷಿಪ್ ರಜತ ಪದಕ ವಿಜೇತೆ ಪಿ.ವಿ.ಸಿಂಧು ಚೀನಾದ ಕ್ರೀಡಾ ಉಪಕರಣ ತಯಾರಿಕಾ ಸಂಸ್ಥೆ ಲೀ-ನಿಂಗ್ ಜತೆ ಮುಂದಿನ 4 ವರ್ಷಗಳ ಅವಧಿಗೆ 50 ಕೋಟಿ ರೂ. ಒಪ್ಪಂದಕ್ಕೆ ಸಹಿ ಹಾಕಿದ್ದಾರೆ. ಇದು ಭಾರತದ ಬ್ಯಾಡ್ಮಿಂಟನ್ ತಾರೆಯರ ಪೈಕಿ ಅತಿದೊಡ್ಡ ಒಪ್ಪಂದವಾಗಿದೆ. ಕಿಡಂಬಿ ಶ್ರೀಕಾಂತ್ ಸಹ ಕಳೆದ ವರ್ಷ 35 ಕೋಟಿ ರೂ.ಗಳ ಒಪ್ಪಂದ ಮಾಡಿಕೊಂಡಿದ್ದರು. 23 ವರ್ಷದ ಸಿಂಧು ಈ ಮೂಲಕ ದಾಖಲೆ ನಿರ್ಮಿಸಿದ್ದಾರೆ.
ಜನಪರ ಬಜೆಟ್ ನೀಡಿದ ಮೋದಿ ಮತ್ತೆ ಪ್ರಧಾನಿಯಾಗಲಿ
ತಿ.ನರಸೀಪುರ, ಫೆ.9(ಎಸ್‌ಕೆ)- ಕೇಂದ್ರದಲ್ಲಿ ಐದು ವರ್ಷಗಳ ಕಾಲ ಆಡಳಿತವನ್ನು ನಡೆಸಿದ ಪ್ರಧಾನಿ ನರೇಂದ್ರ ಮೋದಿ ಅವರ ಉತ್ತಮ ಯೋಜನೆಗಳ ಮೂಲಕ ದೇಶ ಅಭಿವೃದ್ಧಿ ಸಾಧಿಸಿದೆ. ಜನಪರ ಬಜೆಟ್ ಅನ್ನು ನೀಡಿರುವುದರಿಂದ ದೇಶದಲ್ಲಿ ಮೋದಿ ಅವರೇ ಮತ್ತೊಮ್ಮೆ ಪ್ರಧಾನಿಯಾಗಬೇಕು ಎಂದು ಬಿಜೆಪಿ ಮುಖಂಡ ಹಾಗೂ ನಿವೃತ್ತ ಐಎಎಸ್ ಅಧಿಕಾರಿ ಕೇಶವರಾಂ ತಿಳಿಸಿದರು. ಪಟ್ಟಣದ ಹೊರವಲಯದ ಗುರುಮಲ್ಲೇಶ್ವರ ದಾಸೋಹ ಮಠದಲ್ಲಿ ಕಾರ್ಯಕರ್ತರ ಸಭೆಯಲ್ಲಿ ಮಾತನಾಡಿದ ಅವರು, ರೈತರಿಗೆ ವಾರ್ಷಿಕ 6 ಸಾವಿರ ರೂ. ನೆರವು, ಕಾರ್ಮಿಕರಿಗೆ ಪಿಂಚಣಿ ಯೋಜನೆ ಘೋಷಿಸಿ ಜನಪರ ಬಜೆಟ್ ನೀಡಿದ್ದಾರೆ. ಆದಾಯ ತೆರಿಗೆ ಮಿತಿಯನ್ನು 5 ಲಕ್ಷ ರೂ.ಗಳಿಗೆ ಏರಿಕೆ ಮಾಡಿ ಮಧ್ಯಮ ವರ್ಗದವರಿಗೆ ಅನುಕೂಲ ಕಲ್ಪಿಸಿದ್ದಾರೆ ಎಂದರು.
ಬಿಜೆಪಿ ಮುಖಂಡ ಹಾಗೂ ನಿವೃತ್ತ ಐಎಎಸ್ ಅಧಿಕಾರಿ ಕೇಶವರಾಂ
ತಿ.ನರಸೀಪುರ ತಾಲೂಕಿನ ಬನ್ನೂರು ಹೋಬಳಿಯ ಗ್ರಾಮದಲ್ಲಿರುವ ಶ್ರೀ ಗುರುಮಲ್ಲೇಶ್ವರ ದಾಸೋಹ ಮಠಕ್ಕೆ ಬಿಜೆಪಿ ಮುಖಂಡ ಹಾಗೂ ನಿವೃತ್ತ ಐಎಎಸ್ ಅಧಿಕಾರಿ ಕೇಶವರಾಂ ಭೇಟಿ ನೀಡಿ ಮಾತನಾಡಿದರು. ಗುರುಸ್ವಾಮಿ ಸ್ವಾಮೀಜಿ, ಮೈಸೂರು ತಾ.ಪಂ. ಮಾಜಿ ಅಧ್ಯಕ್ಷ ಡಿ.ಕೃಷ್ಣಮೂರ್ತಿ, ಮುಖಂಡ ಕೆಂಡಗಣ್ಣ, ರಾಜಶೇಖರ ಇನ್ನಿತರರು ಹಾಜರಿದ್ದರು.
ಆಯುಷ್ಮಾನ್ ಆರೋಗ್ಯ ಯೋಜನೆ ಮೂಲಕ ಬಡವರಿಗೆ 5 ಲಕ್ಷ ರೂ.ವರೆಗೆ ಉಚಿತ ಚಿಕಿತ್ಸೆ ಸೌಲಭ್ಯ ಕಲ್ಪಿಸಲಾಗಿದೆ. ಉಜ್ವಲ ಯೋಜನೆಯಡಿ ಉಚಿತ ಅಡುಗೆ ಅನಿಲ ಸಂಪರ್ಕ ನೀಡಲಾಗಿದೆ ಎಂದರು.
3000 ಮಾಸಾಶನ ನೀಡುವ ಯೋಜನೆ ಜಾರಿಗೆ ತಂದಿದ್ದಾರೆ. ಸ್ವಚ್ಛ ಭಾರತ, ಸ್ಕಿಲ್ ಇಂಡಿಯಾ ಕಾರ್ಯಕ್ರಮಗಳನ್ನು ಜಾರಿಗೊಳಿಸಿದ್ದಾರೆ ಎಂದು ನುಡಿದರು.
ಮತ್ತೆ ಪ್ರಧಾನಿಯಾಗಬೇಕು ಎಂದು ಮನವಿ ಮಾಡಿದರು. ಕಾರ್ಯಕರ್ತರು ಬೂತ್ ಮಟ್ಟದಲ್ಲಿ ಸಂಘಟನೆ ಮಾಡಬೇಕು ಎಂದು ಸಲಹೆ ನೀಡಿದರು.
ಯನ್ನು ಜಾರಿಗೆ ತರುವ ಮೂಲಕ ಮೋದಿ ಅವರು ದೇಶದ ಜನರ ಹಿತ ಕಾಯುತ್ತಿದ್ದಾರೆ. ಶ್ರೀಮಠದ ಗುರುಸ್ವಾಮಿ ಸ್ವಾಮೀಜಿ ಮಾತನಾಡಿದರು. ಮುಖಂಡರಾದ ಡಿ.ಕೃಷ್ಣಮೂರ್ತಿ, ಕೆಂಡಗಣ್ಣ ಅವರು ಉಪಸ್ಥಿತರಿದ್ದರು.
